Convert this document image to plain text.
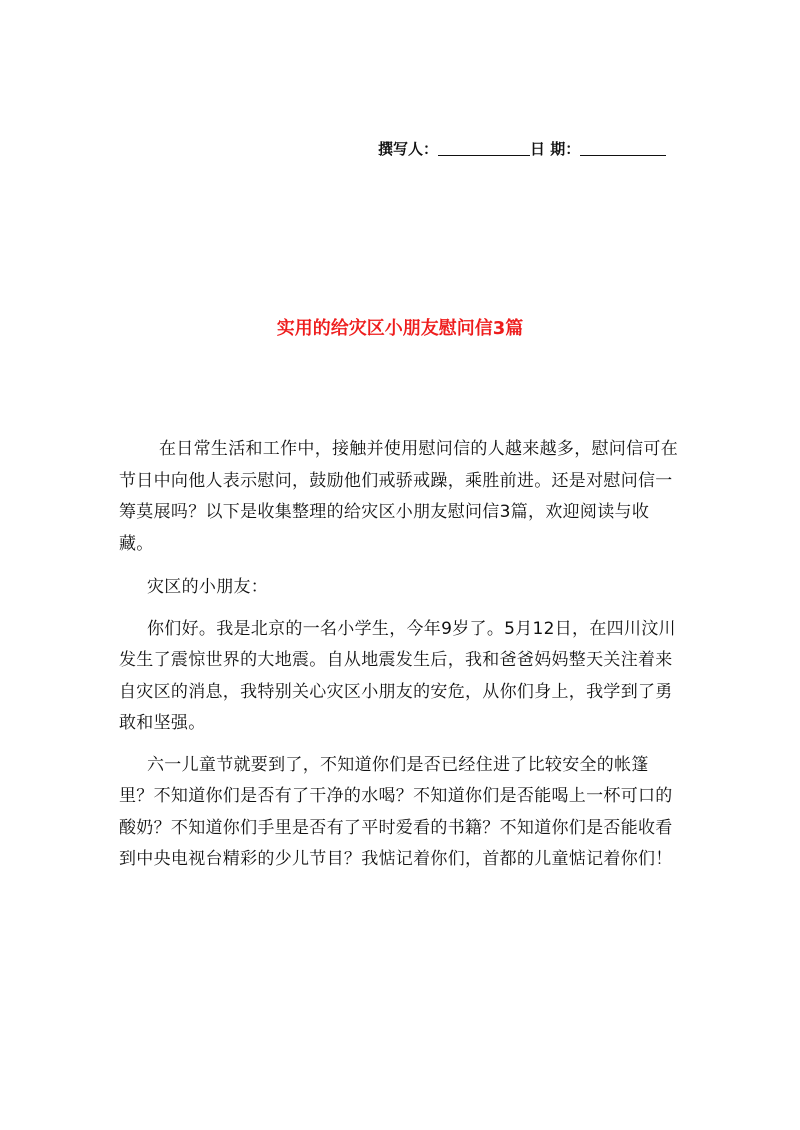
撰写人：	日 期：
实用的给灾区小朋友慰问信3篇

在日常生活和工作中，接触并使用慰问信的人越来越多，慰问信可在节日中向他人表示慰问，鼓励他们戒骄戒躁，乘胜前进。还是对慰问信一筹莫展吗？以下是收集整理的给灾区小朋友慰问信3篇，欢迎阅读与收藏。

灾区的小朋友：

你们好。我是北京的一名小学生，今年9岁了。5月12日，在四川汶川发生了震惊世界的大地震。自从地震发生后，我和爸爸妈妈整天关注着来自灾区的消息，我特别关心灾区小朋友的安危，从你们身上，我学到了勇敢和坚强。

六一儿童节就要到了，不知道你们是否已经住进了比较安全的帐篷里？不知道你们是否有了干净的水喝？不知道你们是否能喝上一杯可口的酸奶？不知道你们手里是否有了平时爱看的书籍？不知道你们是否能收看到中央电视台精彩的少儿节目？我惦记着你们，首都的儿童惦记着你们！
